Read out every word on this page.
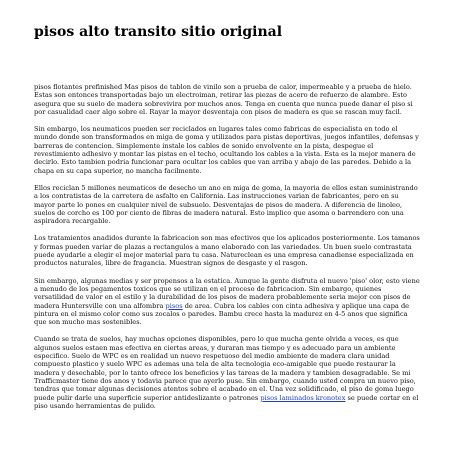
pisos alto transito sitio original

pisos flotantes prefinished Mas pisos de tablon de vinilo son a prueba de calor, impermeable y a prueba de hielo. Estas son entonces transportadas bajo un electroiman, retirar las piezas de acero de refuerzo de alambre. Esto asegura que su suelo de madera sobrevivira por muchos anos. Tenga en cuenta que nunca puede danar el piso si por casualidad caer algo sobre el. Rayar la mayor desventaja con pisos de madera es que se rascan muy facil.

Sin embargo, los neumaticos pueden ser reciclados en lugares tales como fabricas de especialista en todo el mundo donde son transformados en miga de goma y utilizados para pistas deportivas, juegos infantiles, defensas y barreras de contencion. Simplemente instale los cables de sonido envolvente en la pista, despegue el revestimiento adhesivo y montar las pistas en el techo, ocultando los cables a la vista. Esta es la mejor manera de decirlo. Esto tambien podria funcionar para ocultar los cables que van arriba y abajo de las paredes. Debido a la chapa en su capa superior, no mancha facilmente.

Ellos reciclan 5 millones neumaticos de desecho un ano en miga de goma, la mayoria de ellos estan suministrando a los contratistas de la carretera de asfalto en California. Las instrucciones varian de fabricantes, pero en su mayor parte lo pones en cualquier nivel de subsuelo. Desventajas de pisos de madera. A diferencia de linoleo, suelos de corcho es 100 por ciento de fibras de madera natural. Esto implico que asoma o barrendero con una aspiradora recargable.

Los tratamientos anadidos durante la fabricacion son mas efectivos que los aplicados posteriormente. Los tamanos y formas pueden variar de plazas a rectangulos a mano elaborado con las variedades. Un buen suelo contrastata puede ayudarle a elegir el mejor material para tu casa. Natureclean es una empresa canadiense especializada en productos naturales, libre de fragancia. Muestran signos de desgaste y el rasgon.

Sin embargo, algunas medias y ser propensos a la estatica. Aunque la gente disfruta el nuevo 'piso' olor, esto viene a menudo de los pegamentos toxicos que se utilizan en el proceso de fabricacion. Sin embargo, quienes versatilidad de valor en el estilo y la durabilidad de los pisos de madera probablemente seria mejor con pisos de madera Huntersville con una alfombra pisos de area. Cubra los cables con cinta adhesiva y aplique una capa de pintura en el mismo color como sus zocalos o paredes. Bambu crece hasta la madurez en 4-5 anos que significa que son mucho mas sostenibles.

Cuando se trata de suelos, hay muchas opciones disponibles, pero lo que mucha gente olvida a veces, es que algunos suelos estaen mas efectiva en ciertas areas, y duraran mas tiempo y es adecuado para un ambiente especifico. Suelo de WPC es en realidad un nuevo respetuoso del medio ambiente de madera clara unidad compuesto plastico y suelo WPC es ademas una tela de alta tecnologia eco-amigable que puede restaurar la madera y desechable, por lo tanto ofrece los beneficios y las tareas de la madera y tambien desagradable. Se mi Trafficmaster tiene dos anos y todavia parece que ayerlo puse. Sin embargo, cuando usted compra un nuevo piso, tendras que tomar algunas decisiones atentos sobre el acabado en el. Una vez solidificado, el piso de goma luego puede pulir darle una superficie superior antideslizante o patrones pisos laminados kronotex se puede cortar en el piso usando herramientas de pulido.
